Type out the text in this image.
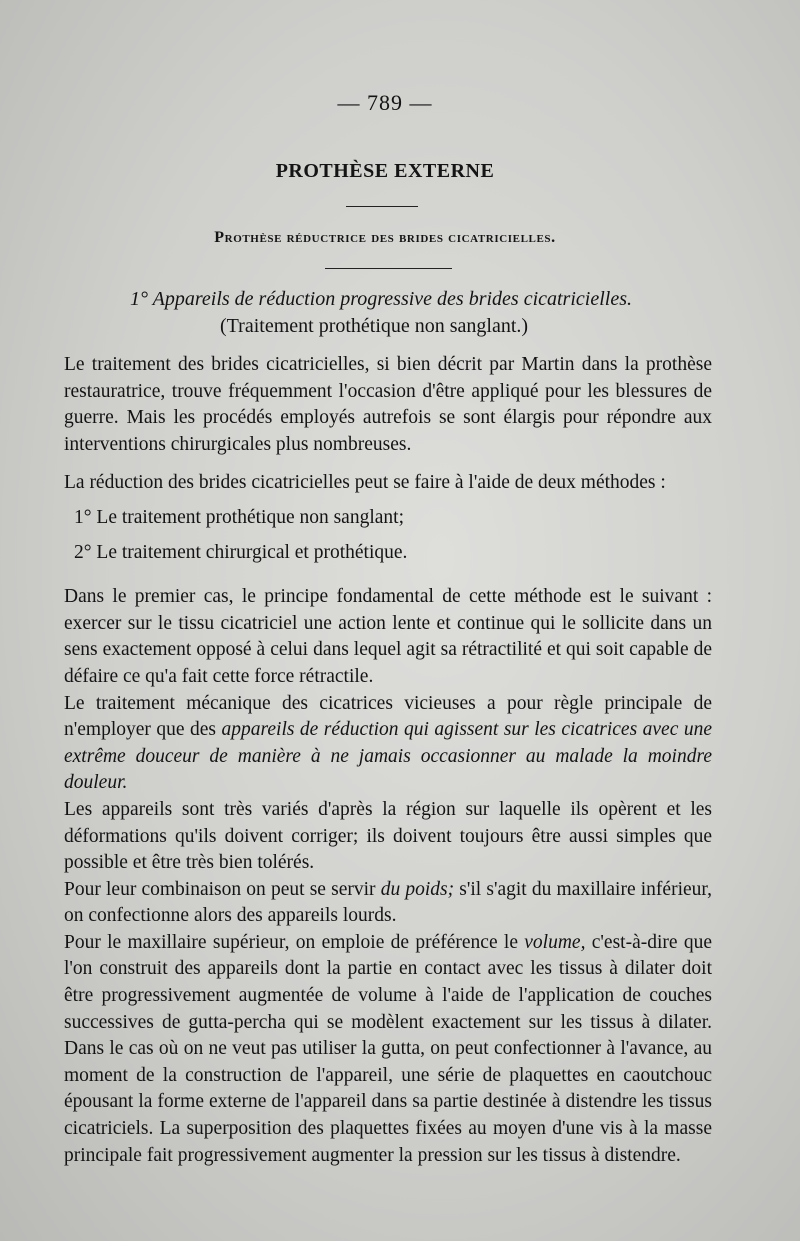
— 789 —
PROTHÈSE EXTERNE
Prothèse réductrice des brides cicatricielles.
1° Appareils de réduction progressive des brides cicatricielles.
(Traitement prothétique non sanglant.)

Le traitement des brides cicatricielles, si bien décrit par Martin dans la prothèse restauratrice, trouve fréquemment l'occasion d'être appliqué pour les blessures de guerre. Mais les procédés employés autrefois se sont élargis pour répondre aux interventions chirurgicales plus nombreuses.

La réduction des brides cicatricielles peut se faire à l'aide de deux méthodes :

1° Le traitement prothétique non sanglant;

2° Le traitement chirurgical et prothétique.

Dans le premier cas, le principe fondamental de cette méthode est le suivant : exercer sur le tissu cicatriciel une action lente et continue qui le sollicite dans un sens exactement opposé à celui dans lequel agit sa rétractilité et qui soit capable de défaire ce qu'a fait cette force rétractile.

Le traitement mécanique des cicatrices vicieuses a pour règle principale de n'employer que des appareils de réduction qui agissent sur les cicatrices avec une extrême douceur de manière à ne jamais occasionner au malade la moindre douleur.

Les appareils sont très variés d'après la région sur laquelle ils opèrent et les déformations qu'ils doivent corriger; ils doivent toujours être aussi simples que possible et être très bien tolérés.

Pour leur combinaison on peut se servir du poids; s'il s'agit du maxillaire inférieur, on confectionne alors des appareils lourds.

Pour le maxillaire supérieur, on emploie de préférence le volume, c'est-à-dire que l'on construit des appareils dont la partie en contact avec les tissus à dilater doit être progressivement augmentée de volume à l'aide de l'application de couches successives de gutta-percha qui se modèlent exactement sur les tissus à dilater. Dans le cas où on ne veut pas utiliser la gutta, on peut confectionner à l'avance, au moment de la construction de l'appareil, une série de plaquettes en caoutchouc épousant la forme externe de l'appareil dans sa partie destinée à distendre les tissus cicatriciels. La superposition des plaquettes fixées au moyen d'une vis à la masse principale fait progressivement augmenter la pression sur les tissus à distendre.
